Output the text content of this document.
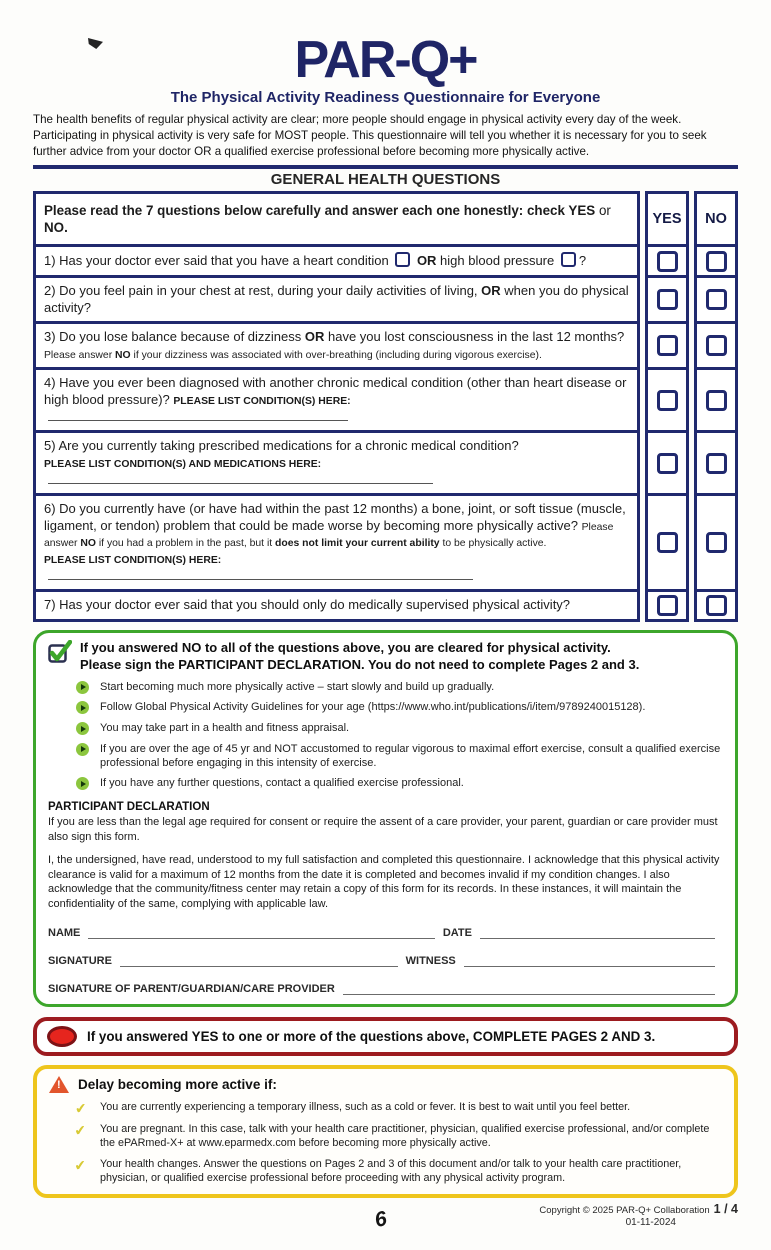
PAR-Q+
The Physical Activity Readiness Questionnaire for Everyone
The health benefits of regular physical activity are clear; more people should engage in physical activity every day of the week. Participating in physical activity is very safe for MOST people. This questionnaire will tell you whether it is necessary for you to seek further advice from your doctor OR a qualified exercise professional before becoming more physically active.
GENERAL HEALTH QUESTIONS
Please read the 7 questions below carefully and answer each one honestly: check YES or NO.
YES	NO
1) Has your doctor ever said that you have a heart condition  OR high blood pressure ?
2) Do you feel pain in your chest at rest, during your daily activities of living, OR when you do physical activity?
3) Do you lose balance because of dizziness OR have you lost consciousness in the last 12 months?
Please answer NO if your dizziness was associated with over-breathing (including during vigorous exercise).
4) Have you ever been diagnosed with another chronic medical condition (other than heart disease or high blood pressure)? PLEASE LIST CONDITION(S) HERE:
5) Are you currently taking prescribed medications for a chronic medical condition?
PLEASE LIST CONDITION(S) AND MEDICATIONS HERE:
6) Do you currently have (or have had within the past 12 months) a bone, joint, or soft tissue (muscle, ligament, or tendon) problem that could be made worse by becoming more physically active? Please answer NO if you had a problem in the past, but it does not limit your current ability to be physically active.
PLEASE LIST CONDITION(S) HERE:
7) Has your doctor ever said that you should only do medically supervised physical activity?
If you answered NO to all of the questions above, you are cleared for physical activity.
Please sign the PARTICIPANT DECLARATION. You do not need to complete Pages 2 and 3.
Start becoming much more physically active – start slowly and build up gradually.
Follow Global Physical Activity Guidelines for your age (https://www.who.int/publications/i/item/9789240015128).
You may take part in a health and fitness appraisal.
If you are over the age of 45 yr and NOT accustomed to regular vigorous to maximal effort exercise, consult a qualified exercise professional before engaging in this intensity of exercise.
If you have any further questions, contact a qualified exercise professional.
PARTICIPANT DECLARATION
If you are less than the legal age required for consent or require the assent of a care provider, your parent, guardian or care provider must also sign this form.
I, the undersigned, have read, understood to my full satisfaction and completed this questionnaire. I acknowledge that this physical activity clearance is valid for a maximum of 12 months from the date it is completed and becomes invalid if my condition changes. I also acknowledge that the community/fitness center may retain a copy of this form for its records. In these instances, it will maintain the confidentiality of the same, complying with applicable law.
NAME	DATE
SIGNATURE	WITNESS
SIGNATURE OF PARENT/GUARDIAN/CARE PROVIDER
If you answered YES to one or more of the questions above, COMPLETE PAGES 2 AND 3.
!
Delay becoming more active if:
✔ You are currently experiencing a temporary illness, such as a cold or fever. It is best to wait until you feel better.
✔	You are pregnant. In this case, talk with your health care practitioner, physician, qualified exercise professional, and/or complete the ePARmed-X+ at www.eparmedx.com before becoming more physically active.
✔	Your health changes. Answer the questions on Pages 2 and 3 of this document and/or talk to your health care practitioner, physician, or qualified exercise professional before proceeding with any physical activity program.
6	Copyright © 2025 PAR-Q+ Collaboration 1 / 4
01-11-2024
